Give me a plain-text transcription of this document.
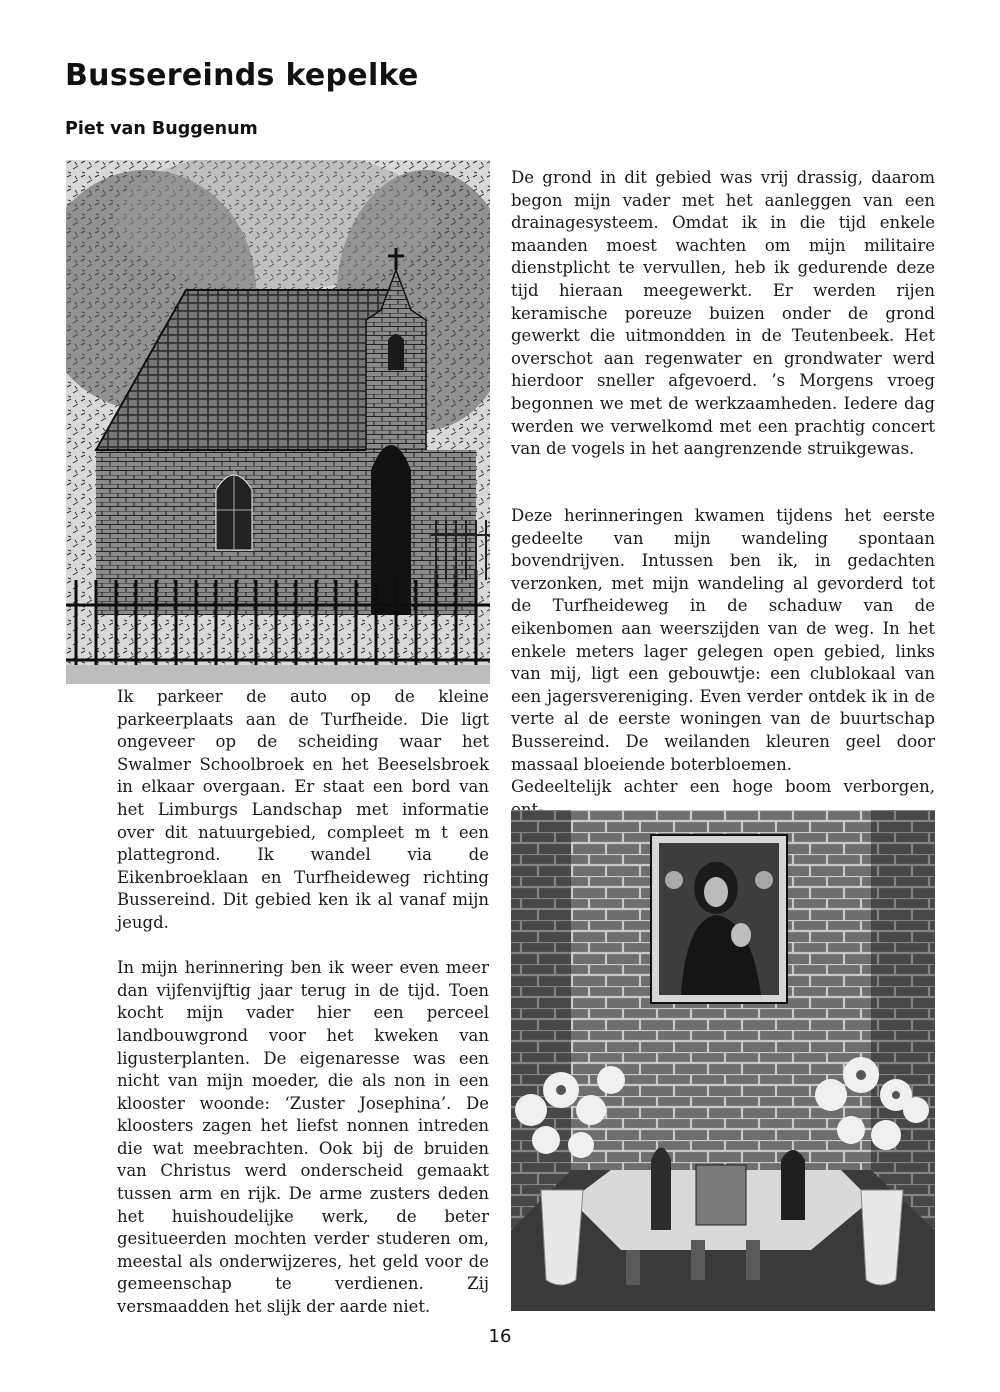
Bussereinds kepelke
Piet van Buggenum

Ik parkeer de auto op de kleine parkeerplaats aan de Turfheide. Die ligt ongeveer op de scheiding waar het Swalmer Schoolbroek en het Beeselsbroek in elkaar overgaan. Er staat een bord van het Limburgs Landschap met informatie over dit natuurgebied, compleet m t een plattegrond. Ik wandel via de Eikenbroeklaan en Turfheideweg richting Bussereind. Dit gebied ken ik al vanaf mijn jeugd.

In mijn herinnering ben ik weer even meer dan vijfenvijftig jaar terug in de tijd. Toen kocht mijn vader hier een perceel landbouwgrond voor het kweken van ligusterplanten. De eigenaresse was een nicht van mijn moeder, die als non in een klooster woonde: ‘Zuster Josephina’. De kloosters zagen het liefst nonnen intreden die wat meebrachten. Ook bij de bruiden van Christus werd onderscheid gemaakt tussen arm en rijk. De arme zusters deden het huishoudelijke werk, de beter gesitueerden mochten verder studeren om, meestal als onderwijzeres, het geld voor de gemeenschap te verdienen. Zij versmaadden het slijk der aarde niet.

De grond in dit gebied was vrij drassig, daarom begon mijn vader met het aanleggen van een drainagesysteem. Omdat ik in die tijd enkele maanden moest wachten om mijn militaire dienstplicht te vervullen, heb ik gedurende deze tijd hieraan meegewerkt. Er werden rijen keramische poreuze buizen onder de grond gewerkt die uitmondden in de Teutenbeek. Het overschot aan regenwater en grondwater werd hierdoor sneller afgevoerd. ’s Morgens vroeg begonnen we met de werkzaamheden. Iedere dag werden we verwelkomd met een prachtig concert van de vogels in het aangrenzende struikgewas.

Deze herinneringen kwamen tijdens het eerste gedeelte van mijn wandeling spontaan bovendrijven. Intussen ben ik, in gedachten verzonken, met mijn wandeling al gevorderd tot de Turfheideweg in de schaduw van de eikenbomen aan weerszijden van de weg. In het enkele meters lager gelegen open gebied, links van mij, ligt een gebouwtje: een clublokaal van een jagersvereniging. Even verder ontdek ik in de verte al de eerste woningen van de buurtschap Bussereind. De weilanden kleuren geel door massaal bloeiende boterbloemen.

Gedeeltelijk achter een hoge boom verborgen,

16
